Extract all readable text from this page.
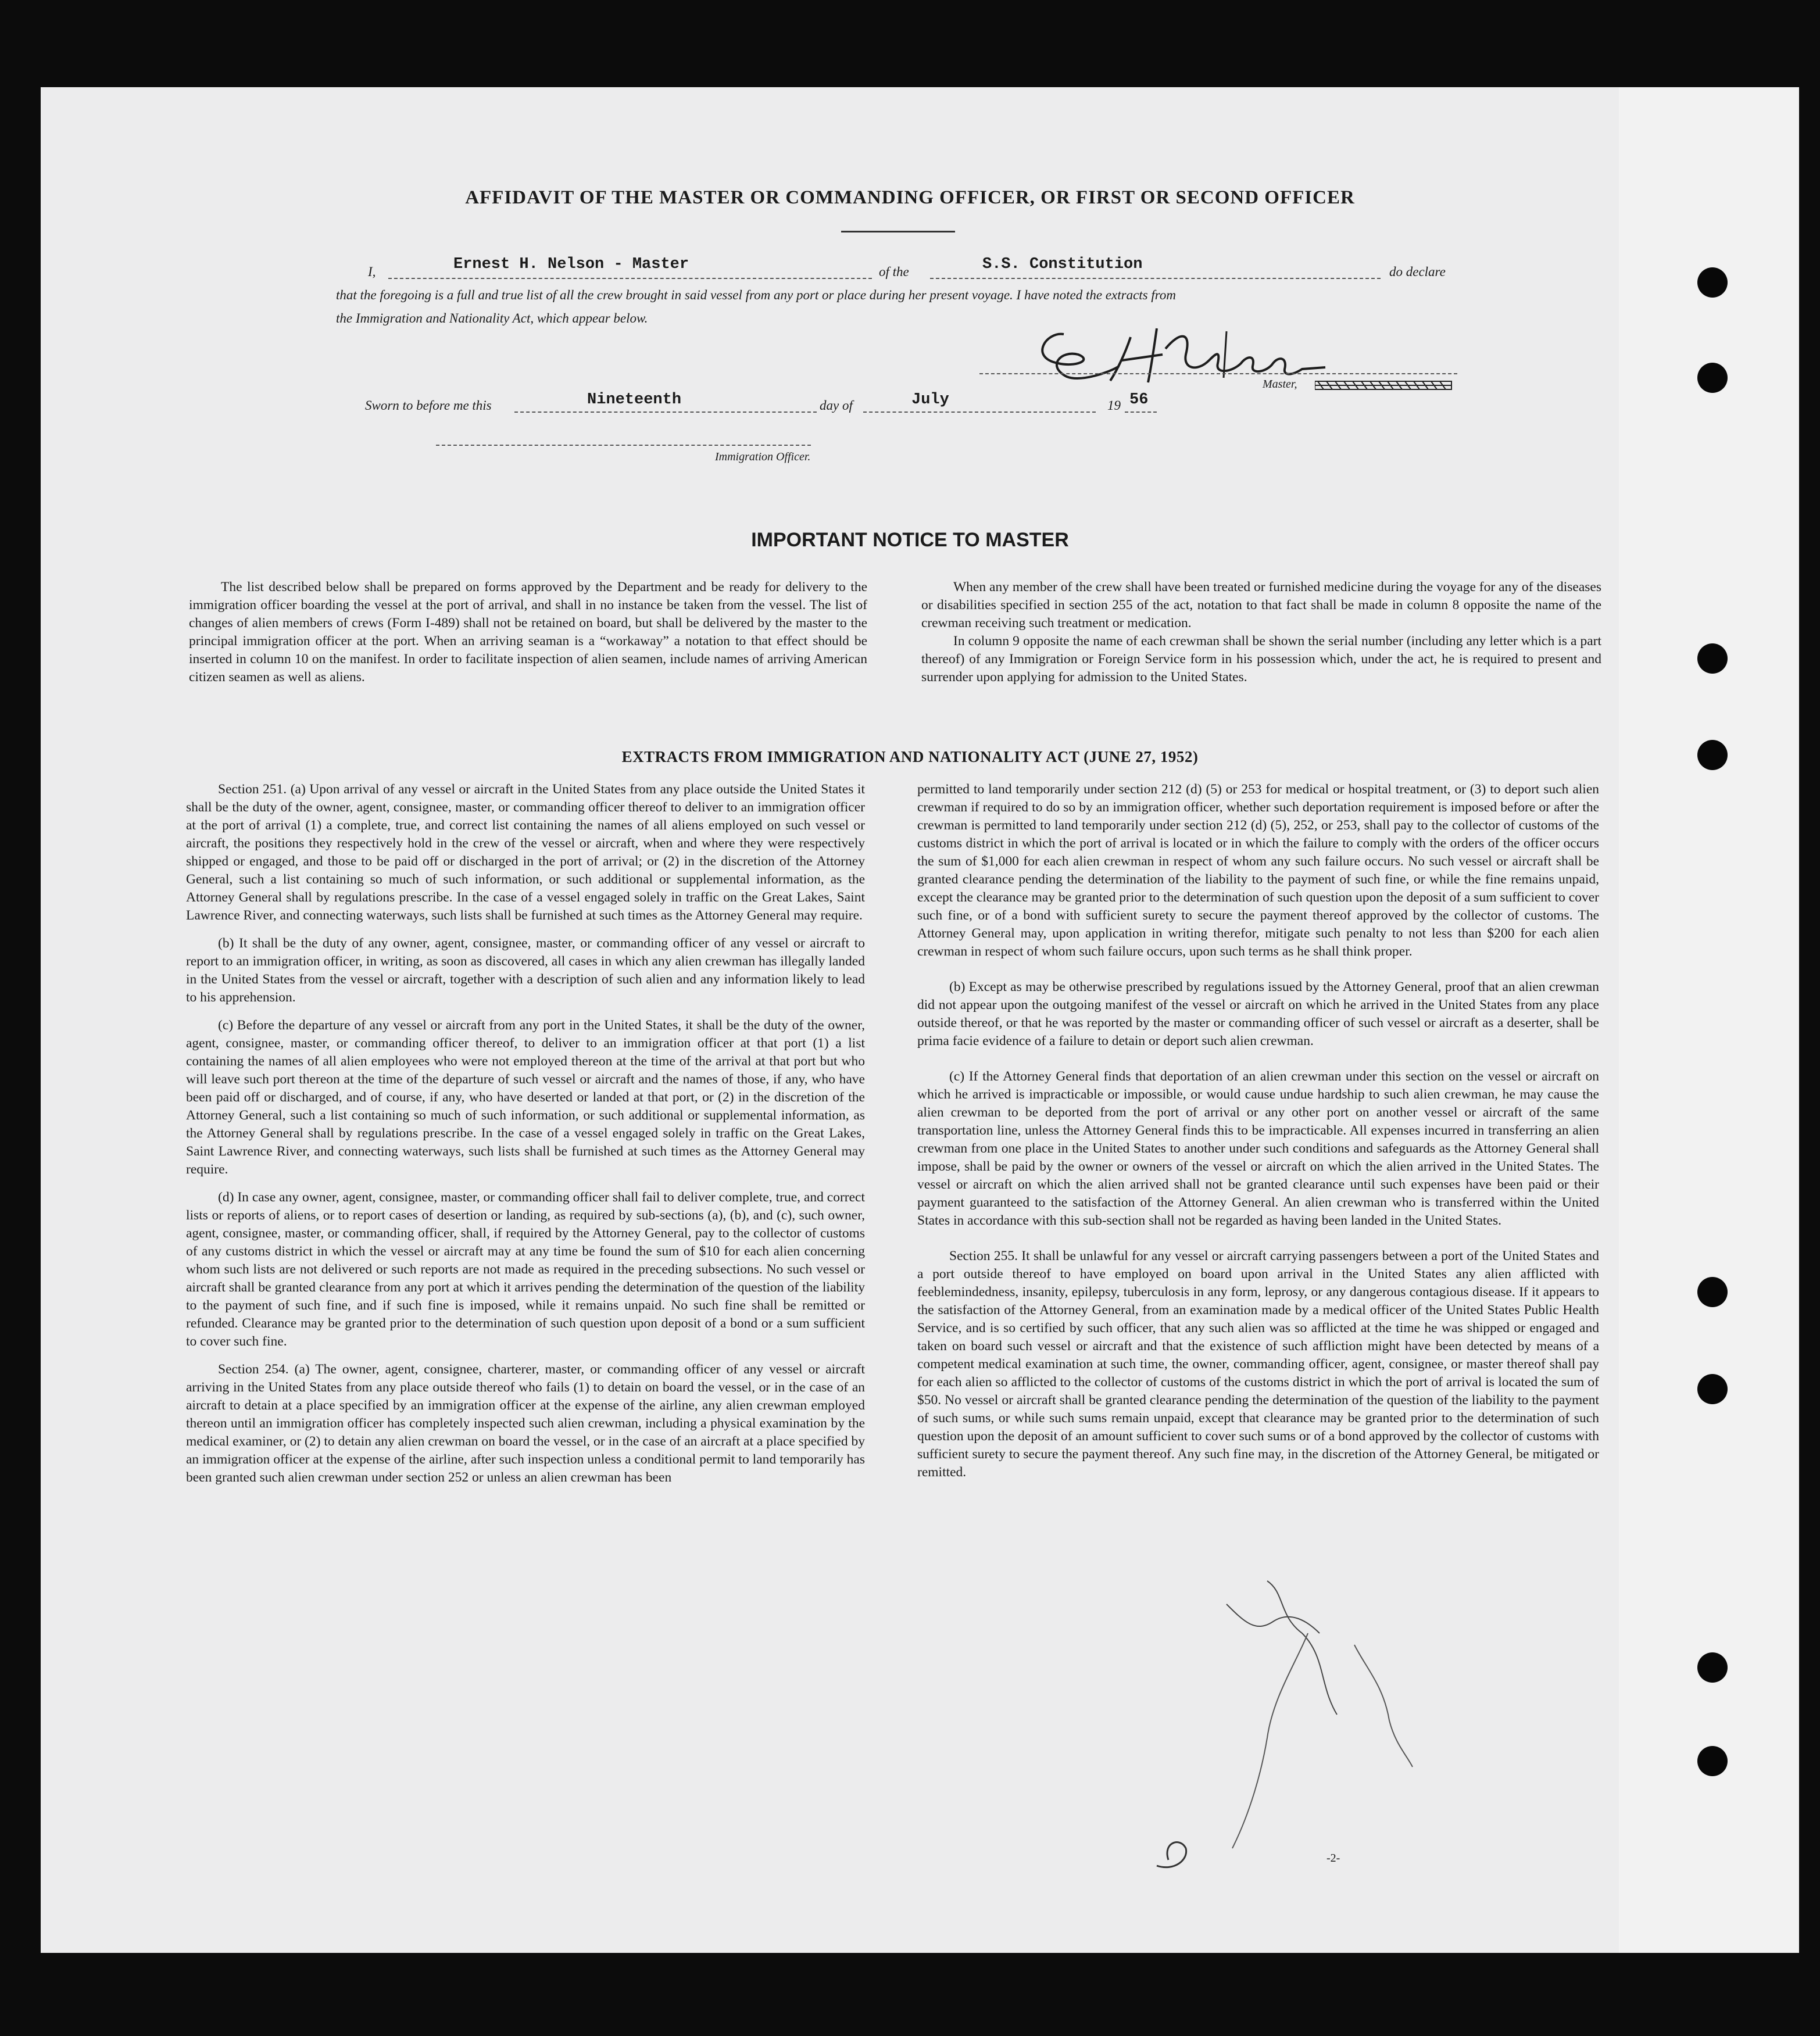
AFFIDAVIT OF THE MASTER OR COMMANDING OFFICER, OR FIRST OR SECOND OFFICER
I,	Ernest H. Nelson - Master	of the	S.S. Constitution	do declare
that the foregoing is a full and true list of all the crew brought in said vessel from any port or place during her present voyage. I have noted the extracts from
the Immigration and Nationality Act, which appear below.
Master,
Sworn to before me this	Nineteenth	day of	July	19 56
Immigration Officer.
IMPORTANT NOTICE TO MASTER

The list described below shall be prepared on forms approved by the Department and be ready for delivery to the immigration officer boarding the vessel at the port of arrival, and shall in no instance be taken from the vessel. The list of changes of alien members of crews (Form I-489) shall not be retained on board, but shall be delivered by the master to the principal immigration officer at the port. When an arriving seaman is a “workaway” a notation to that effect should be inserted in column 10 on the manifest. In order to facilitate inspection of alien seamen, include names of arriving American citizen seamen as well as aliens.

When any member of the crew shall have been treated or furnished medicine during the voyage for any of the diseases or disabilities specified in section 255 of the act, notation to that fact shall be made in column 8 opposite the name of the crewman receiving such treatment or medication.

In column 9 opposite the name of each crewman shall be shown the serial number (including any letter which is a part thereof) of any Immigration or Foreign Service form in his possession which, under the act, he is required to present and surrender upon applying for admission to the United States.

EXTRACTS FROM IMMIGRATION AND NATIONALITY ACT (JUNE 27, 1952)

Section 251. (a) Upon arrival of any vessel or aircraft in the United States from any place outside the United States it shall be the duty of the owner, agent, consignee, master, or commanding officer thereof to deliver to an immigration officer at the port of arrival (1) a complete, true, and correct list containing the names of all aliens employed on such vessel or aircraft, the positions they respectively hold in the crew of the vessel or aircraft, when and where they were respectively shipped or engaged, and those to be paid off or discharged in the port of arrival; or (2) in the discretion of the Attorney General, such a list containing so much of such information, or such additional or supplemental information, as the Attorney General shall by regulations prescribe. In the case of a vessel engaged solely in traffic on the Great Lakes, Saint Lawrence River, and connecting waterways, such lists shall be furnished at such times as the Attorney General may require.

(b) It shall be the duty of any owner, agent, consignee, master, or commanding officer of any vessel or aircraft to report to an immigration officer, in writing, as soon as discovered, all cases in which any alien crewman has illegally landed in the United States from the vessel or aircraft, together with a description of such alien and any information likely to lead to his apprehension.

(c) Before the departure of any vessel or aircraft from any port in the United States, it shall be the duty of the owner, agent, consignee, master, or commanding officer thereof, to deliver to an immigration officer at that port (1) a list containing the names of all alien employees who were not employed thereon at the time of the arrival at that port but who will leave such port thereon at the time of the departure of such vessel or aircraft and the names of those, if any, who have been paid off or discharged, and of course, if any, who have deserted or landed at that port, or (2) in the discretion of the Attorney General, such a list containing so much of such information, or such additional or supplemental information, as the Attorney General shall by regulations prescribe. In the case of a vessel engaged solely in traffic on the Great Lakes, Saint Lawrence River, and connecting waterways, such lists shall be furnished at such times as the Attorney General may require.

(d) In case any owner, agent, consignee, master, or commanding officer shall fail to deliver complete, true, and correct lists or reports of aliens, or to report cases of desertion or landing, as required by sub-sections (a), (b), and (c), such owner, agent, consignee, master, or commanding officer, shall, if required by the Attorney General, pay to the collector of customs of any customs district in which the vessel or aircraft may at any time be found the sum of $10 for each alien concerning whom such lists are not delivered or such reports are not made as required in the preceding subsections. No such vessel or aircraft shall be granted clearance from any port at which it arrives pending the determination of the question of the liability to the payment of such fine, and if such fine is imposed, while it remains unpaid. No such fine shall be remitted or refunded. Clearance may be granted prior to the determination of such question upon deposit of a bond or a sum sufficient to cover such fine.

Section 254. (a) The owner, agent, consignee, charterer, master, or commanding officer of any vessel or aircraft arriving in the United States from any place outside thereof who fails (1) to detain on board the vessel, or in the case of an aircraft to detain at a place specified by an immigration officer at the expense of the airline, any alien crewman employed thereon until an immigration officer has completely inspected such alien crewman, including a physical examination by the medical examiner, or (2) to detain any alien crewman on board the vessel, or in the case of an aircraft at a place specified by an immigration officer at the expense of the airline, after such inspection unless a conditional permit to land temporarily has been granted such alien crewman under section 252 or unless an alien crewman has been

permitted to land temporarily under section 212 (d) (5) or 253 for medical or hospital treatment, or (3) to deport such alien crewman if required to do so by an immigration officer, whether such deportation requirement is imposed before or after the crewman is permitted to land temporarily under section 212 (d) (5), 252, or 253, shall pay to the collector of customs of the customs district in which the port of arrival is located or in which the failure to comply with the orders of the officer occurs the sum of $1,000 for each alien crewman in respect of whom any such failure occurs. No such vessel or aircraft shall be granted clearance pending the determination of the liability to the payment of such fine, or while the fine remains unpaid, except the clearance may be granted prior to the determination of such question upon the deposit of a sum sufficient to cover such fine, or of a bond with sufficient surety to secure the payment thereof approved by the collector of customs. The Attorney General may, upon application in writing therefor, mitigate such penalty to not less than $200 for each alien crewman in respect of whom such failure occurs, upon such terms as he shall think proper.

(b) Except as may be otherwise prescribed by regulations issued by the Attorney General, proof that an alien crewman did not appear upon the outgoing manifest of the vessel or aircraft on which he arrived in the United States from any place outside thereof, or that he was reported by the master or commanding officer of such vessel or aircraft as a deserter, shall be prima facie evidence of a failure to detain or deport such alien crewman.

(c) If the Attorney General finds that deportation of an alien crewman under this section on the vessel or aircraft on which he arrived is impracticable or impossible, or would cause undue hardship to such alien crewman, he may cause the alien crewman to be deported from the port of arrival or any other port on another vessel or aircraft of the same transportation line, unless the Attorney General finds this to be impracticable. All expenses incurred in transferring an alien crewman from one place in the United States to another under such conditions and safeguards as the Attorney General shall impose, shall be paid by the owner or owners of the vessel or aircraft on which the alien arrived in the United States. The vessel or aircraft on which the alien arrived shall not be granted clearance until such expenses have been paid or their payment guaranteed to the satisfaction of the Attorney General. An alien crewman who is transferred within the United States in accordance with this sub-section shall not be regarded as having been landed in the United States.

Section 255. It shall be unlawful for any vessel or aircraft carrying passengers between a port of the United States and a port outside thereof to have employed on board upon arrival in the United States any alien afflicted with feeblemindedness, insanity, epilepsy, tuberculosis in any form, leprosy, or any dangerous contagious disease. If it appears to the satisfaction of the Attorney General, from an examination made by a medical officer of the United States Public Health Service, and is so certified by such officer, that any such alien was so afflicted at the time he was shipped or engaged and taken on board such vessel or aircraft and that the existence of such affliction might have been detected by means of a competent medical examination at such time, the owner, commanding officer, agent, consignee, or master thereof shall pay for each alien so afflicted to the collector of customs of the customs district in which the port of arrival is located the sum of $50. No vessel or aircraft shall be granted clearance pending the determination of the question of the liability to the payment of such sums, or while such sums remain unpaid, except that clearance may be granted prior to the determination of such question upon the deposit of an amount sufficient to cover such sums or of a bond approved by the collector of customs with sufficient surety to secure the payment thereof. Any such fine may, in the discretion of the Attorney General, be mitigated or remitted.

-2-
